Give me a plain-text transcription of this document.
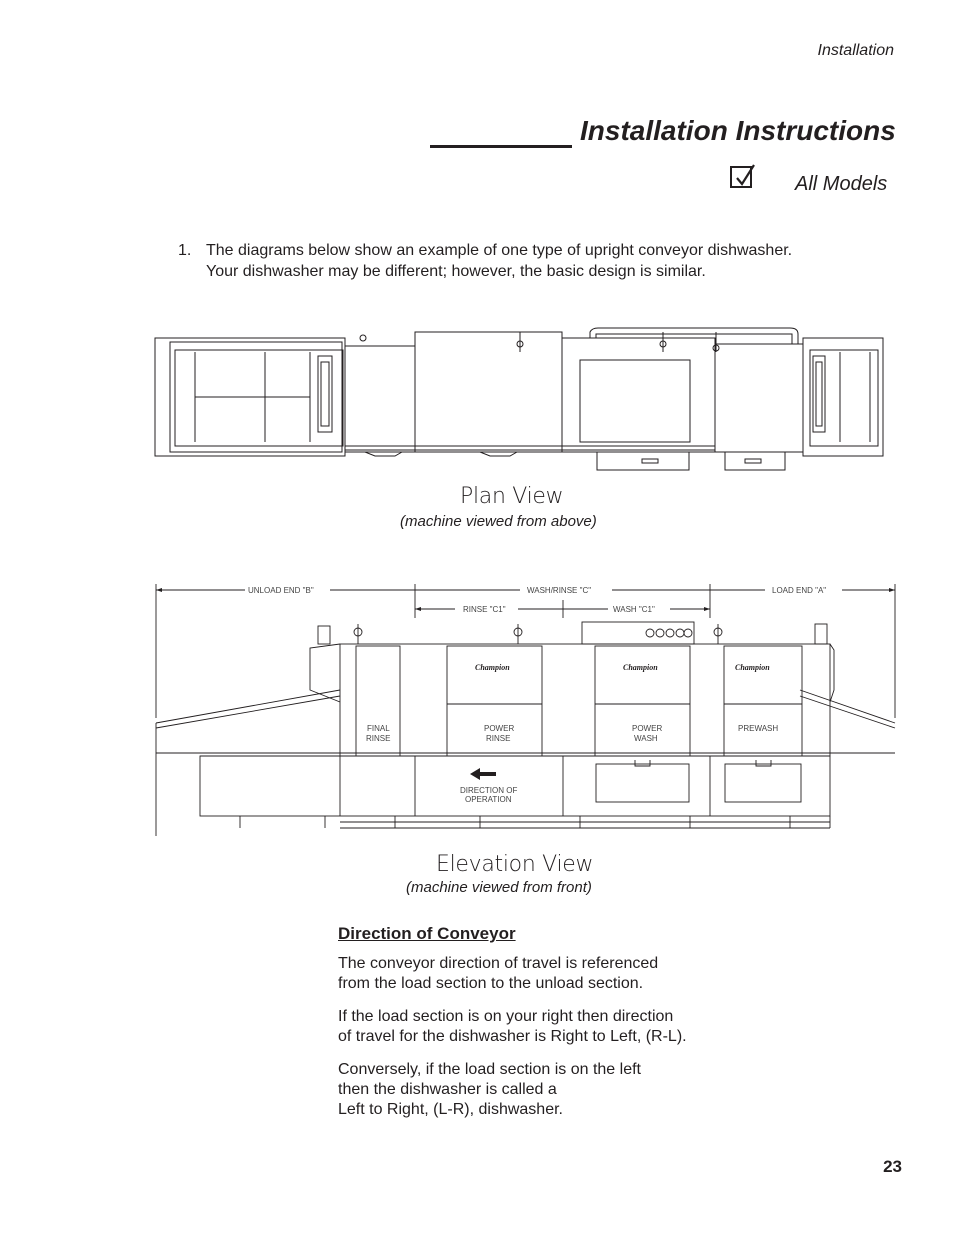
Installation
Installation Instructions
All Models
1. The diagrams below show an example of one type of upright conveyor dishwasher.
Your dishwasher may be different; however, the basic design is similar.
Plan View
(machine viewed from above)
UNLOAD END "B"	WASH/RINSE "C"	LOAD END "A"
RINSE "C1"	WASH "C1"
Champion	Champion	Champion
FINAL
RINSE
POWER
RINSE
POWER
WASH
PREWASH
DIRECTION OF
OPERATION
Elevation View
(machine viewed from front)
Direction of Conveyor
The conveyor direction of travel is referenced
from the load section to the unload section.
If the load section is on your right then direction
of travel for the dishwasher is Right to Left, (R-L).
Conversely, if the load section is on the left
then the dishwasher is called a
Left to Right, (L-R), dishwasher.
23
